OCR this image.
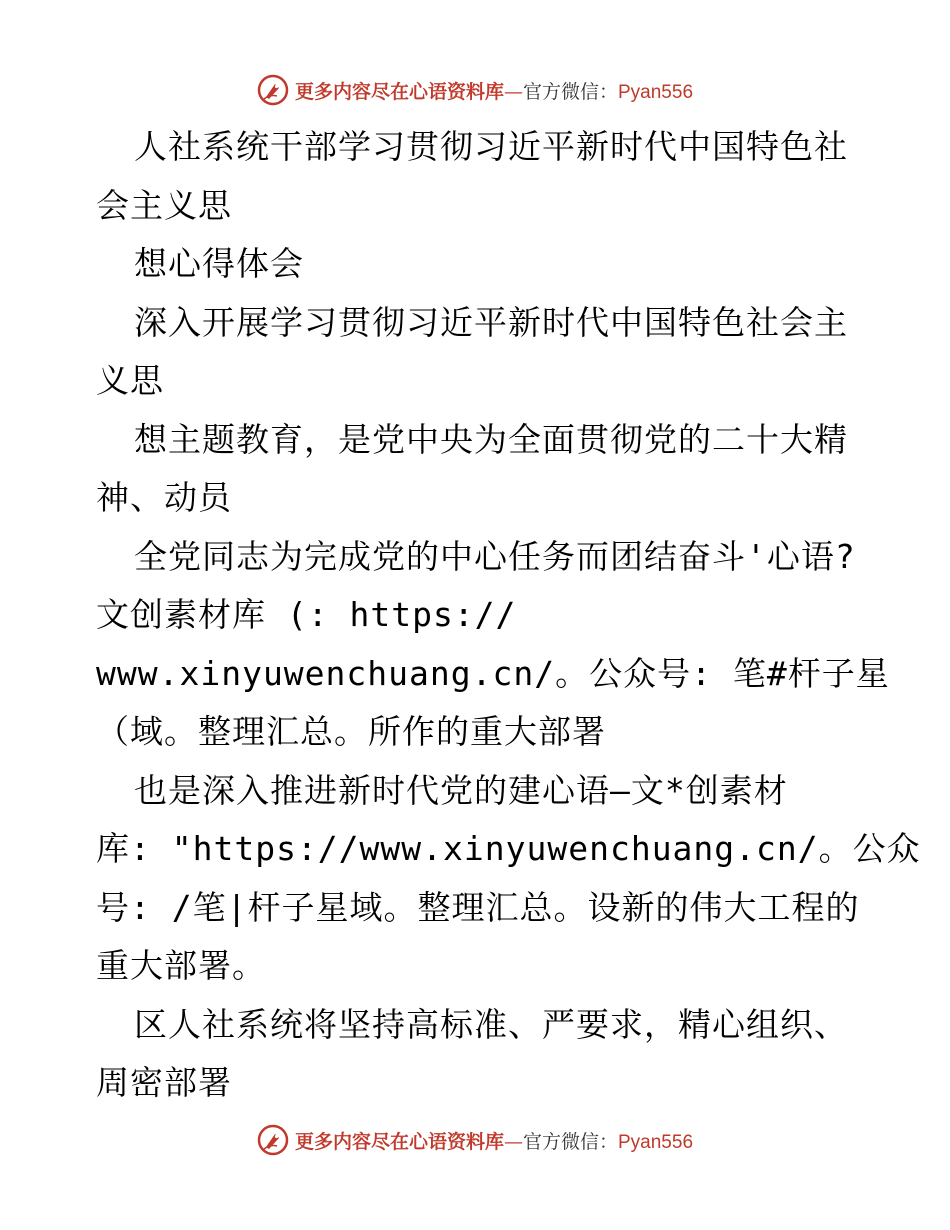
更多内容尽在心语资料库—官方微信：Pyan556
人社系统干部学习贯彻习近平新时代中国特色社
会主义思
想心得体会
深入开展学习贯彻习近平新时代中国特色社会主
义思
想主题教育，是党中央为全面贯彻党的二十大精
神、动员
全党同志为完成党的中心任务而团结奋斗'心语?
文创素材库 (: https://
www.xinyuwenchuang.cn/。公众号: 笔#杆子星
（域。整理汇总。所作的重大部署
也是深入推进新时代党的建心语—文*创素材
库: "https://www.xinyuwenchuang.cn/。公众
号: /笔|杆子星域。整理汇总。设新的伟大工程的
重大部署。
区人社系统将坚持高标准、严要求，精心组织、
周密部署
更多内容尽在心语资料库—官方微信：Pyan556
